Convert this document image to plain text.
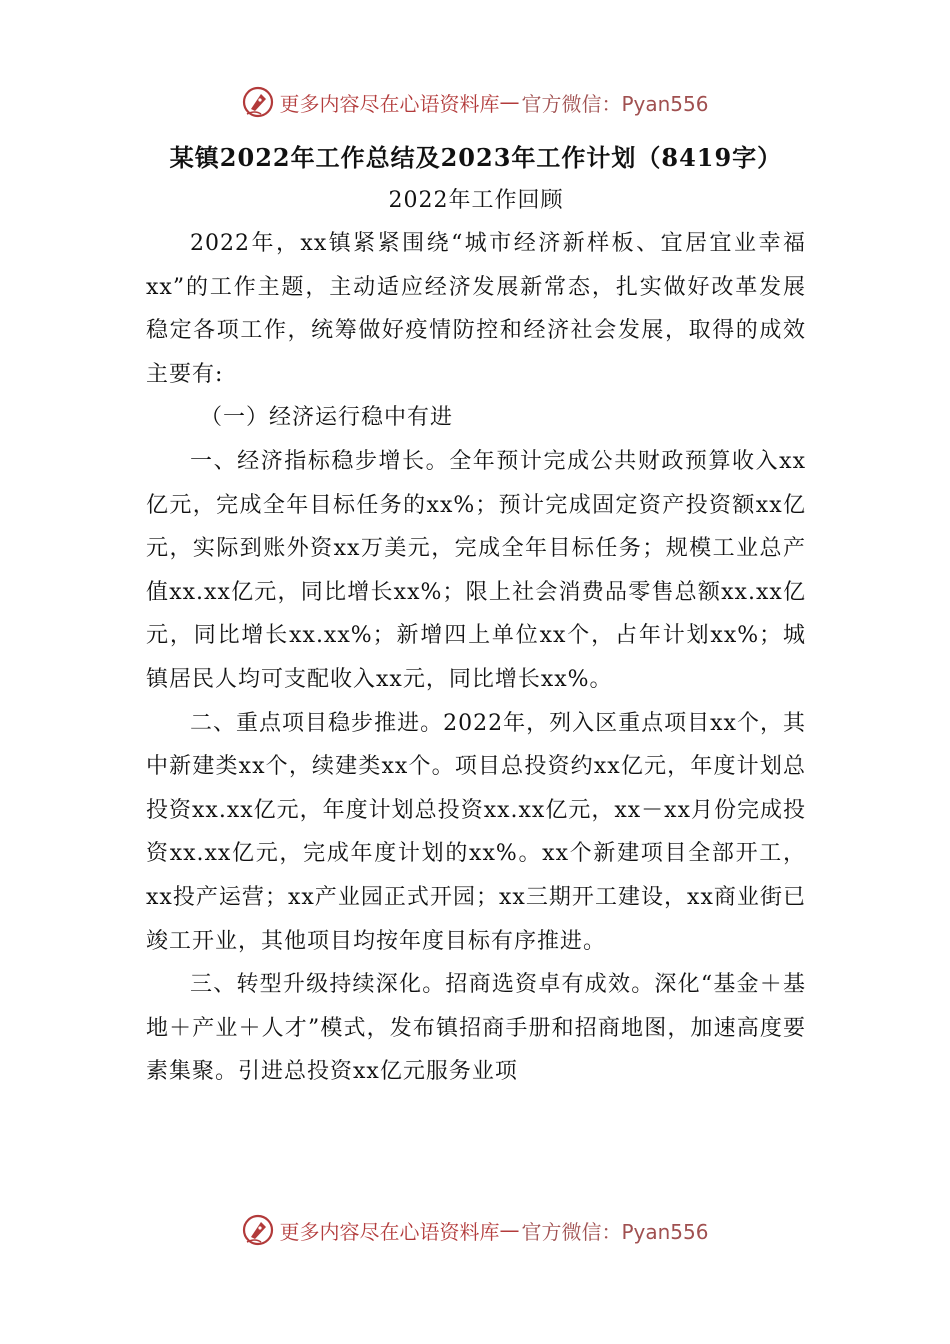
更多内容尽在心语资料库 — 官方微信：Pyan556

某镇2022年工作总结及2023年工作计划（8419字）

2022年工作回顾

2022年，xx镇紧紧围绕“城市经济新样板、宜居宜业幸福xx”的工作主题，主动适应经济发展新常态，扎实做好改革发展稳定各项工作，统筹做好疫情防控和经济社会发展，取得的成效主要有:

（一）经济运行稳中有进

一、经济指标稳步增长。全年预计完成公共财政预算收入xx亿元，完成全年目标任务的xx%；预计完成固定资产投资额xx亿元，实际到账外资xx万美元，完成全年目标任务；规模工业总产值xx.xx亿元，同比增长xx%；限上社会消费品零售总额xx.xx亿元，同比增长xx.xx%；新增四上单位xx个，占年计划xx%；城镇居民人均可支配收入xx元，同比增长xx%。

二、重点项目稳步推进。2022年，列入区重点项目xx个，其中新建类xx个，续建类xx个。项目总投资约xx亿元，年度计划总投资xx.xx亿元，年度计划总投资xx.xx亿元，xx－xx月份完成投资xx.xx亿元，完成年度计划的xx%。xx个新建项目全部开工，xx投产运营；xx产业园正式开园；xx三期开工建设，xx商业街已竣工开业，其他项目均按年度目标有序推进。

三、转型升级持续深化。招商选资卓有成效。深化“基金＋基地＋产业＋人才”模式，发布镇招商手册和招商地图，加速高度要素集聚。引进总投资xx亿元服务业项

更多内容尽在心语资料库 — 官方微信：Pyan556
